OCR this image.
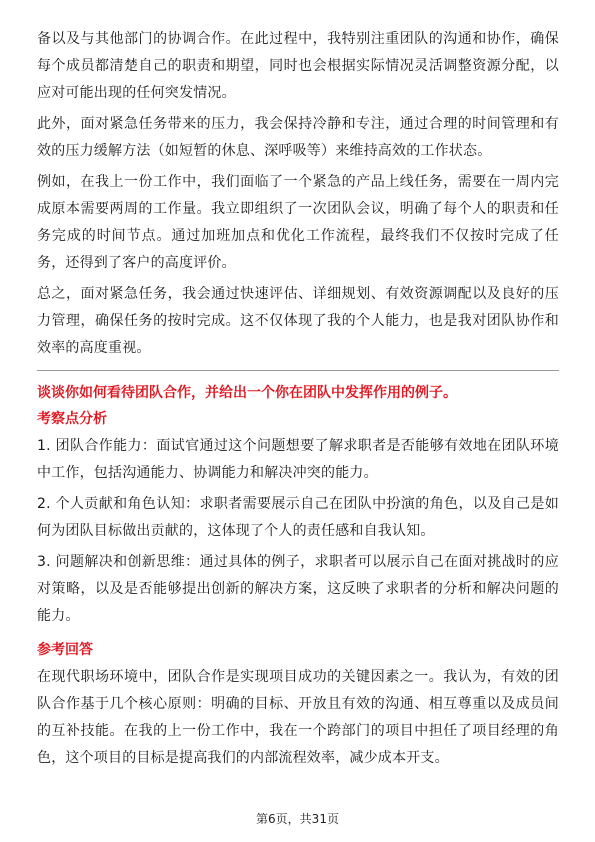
备以及与其他部门的协调合作。在此过程中，我特别注重团队的沟通和协作，确保每个成员都清楚自己的职责和期望，同时也会根据实际情况灵活调整资源分配，以应对可能出现的任何突发情况。

此外，面对紧急任务带来的压力，我会保持冷静和专注，通过合理的时间管理和有效的压力缓解方法（如短暂的休息、深呼吸等）来维持高效的工作状态。

例如，在我上一份工作中，我们面临了一个紧急的产品上线任务，需要在一周内完成原本需要两周的工作量。我立即组织了一次团队会议，明确了每个人的职责和任务完成的时间节点。通过加班加点和优化工作流程，最终我们不仅按时完成了任务，还得到了客户的高度评价。

总之，面对紧急任务，我会通过快速评估、详细规划、有效资源调配以及良好的压力管理，确保任务的按时完成。这不仅体现了我的个人能力，也是我对团队协作和效率的高度重视。

谈谈你如何看待团队合作，并给出一个你在团队中发挥作用的例子。
考察点分析

1. 团队合作能力：面试官通过这个问题想要了解求职者是否能够有效地在团队环境中工作，包括沟通能力、协调能力和解决冲突的能力。

2. 个人贡献和角色认知：求职者需要展示自己在团队中扮演的角色，以及自己是如何为团队目标做出贡献的，这体现了个人的责任感和自我认知。

3. 问题解决和创新思维：通过具体的例子，求职者可以展示自己在面对挑战时的应对策略，以及是否能够提出创新的解决方案，这反映了求职者的分析和解决问题的能力。

参考回答

在现代职场环境中，团队合作是实现项目成功的关键因素之一。我认为，有效的团队合作基于几个核心原则：明确的目标、开放且有效的沟通、相互尊重以及成员间的互补技能。在我的上一份工作中，我在一个跨部门的项目中担任了项目经理的角色，这个项目的目标是提高我们的内部流程效率，减少成本开支。

第6页，共31页
